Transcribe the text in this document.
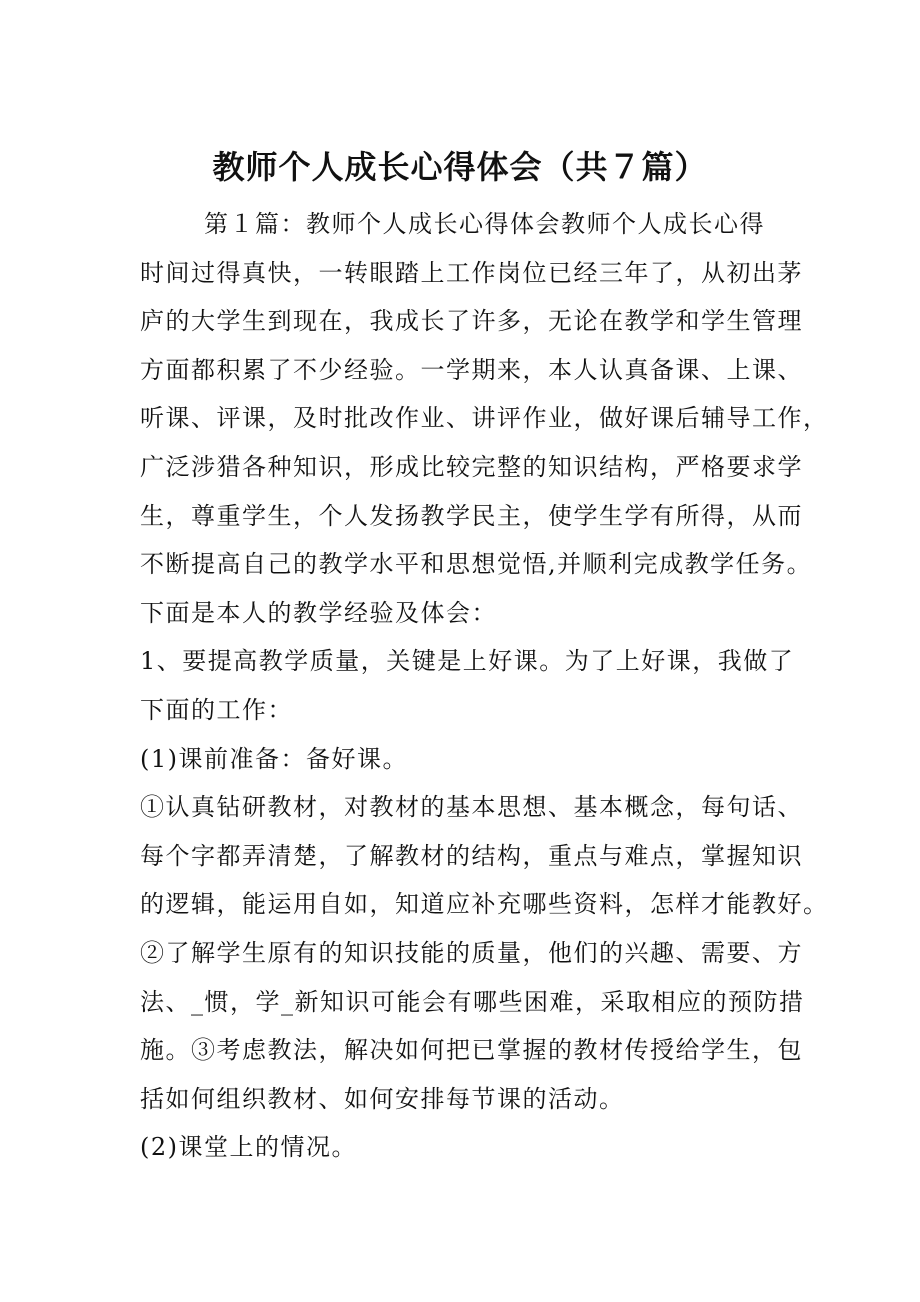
教师个人成长心得体会（共７篇）
第１篇：教师个人成长心得体会教师个人成长心得
时间过得真快，一转眼踏上工作岗位已经三年了，从初出茅
庐的大学生到现在，我成长了许多，无论在教学和学生管理
方面都积累了不少经验。一学期来，本人认真备课、上课、
听课、评课，及时批改作业、讲评作业，做好课后辅导工作，
广泛涉猎各种知识，形成比较完整的知识结构，严格要求学
生，尊重学生，个人发扬教学民主，使学生学有所得，从而
不断提高自己的教学水平和思想觉悟,并顺利完成教学任务。
下面是本人的教学经验及体会：
1、要提高教学质量，关键是上好课。为了上好课，我做了
下面的工作：
(1)课前准备：备好课。
①认真钻研教材，对教材的基本思想、基本概念，每句话、
每个字都弄清楚，了解教材的结构，重点与难点，掌握知识
的逻辑，能运用自如，知道应补充哪些资料，怎样才能教好。
②了解学生原有的知识技能的质量，他们的兴趣、需要、方
法、_惯，学_新知识可能会有哪些困难，采取相应的预防措
施。③考虑教法，解决如何把已掌握的教材传授给学生，包
括如何组织教材、如何安排每节课的活动。
(2)课堂上的情况。
